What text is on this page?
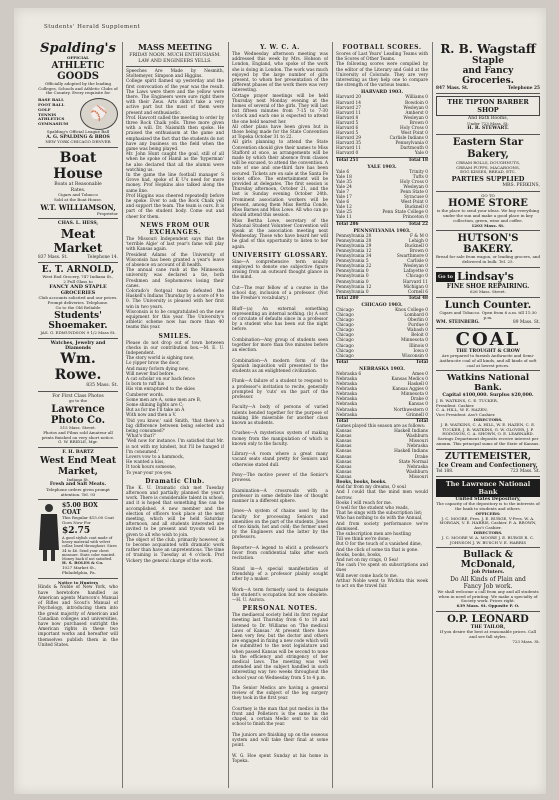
Students' Herald Supplement
Spalding's
OFFICIAL
ATHLETIC
GOODS
Officially adopted by the leading Colleges, Schools and Athletic Clubs of the Country. Every requisite for
BASE BALL
FOOT BALL
GOLF
TENNIS
ATHLETICS
GYMNASIUM
⚾
Spalding's Official League Ball
A. G. SPALDING & BROS
NEW YORK CHICAGO DENVER
Boat House
Boats at Reasonable
Rates.
Cigars and Tobacco
Sold at the Boat House.
W.T. WILLIAMSON,
Proprietor
CHAS. L. HESS,
Meat Market
837 Mass. St.	Telephone 14.
E. T. ARNOLD,
West End Grocery, 747 Indiana St.,
2 Full Glass to
FANCY AND STAPLE GROCERIES
Club accounts solicited and our prices. Prompt deliveries. Telephone.
Go to the Old Reliable
Students' Shoemaker.
JAS. G. EDMUNDSON 9 1/2 Mass St.
Watches, Jewelry and Diamonds
Wm. Rowe.
835 Mass. St.
For First Class Photos
go to the
Lawrence Photo Co.
515 Mass. Street.
Photos and Films sold Amateur all prints finished on very short notice.
G. W. BRIDLE, Mgr.
F. H. BARTZ
West End Meat Market,
Indiana St.
Fresh and Salt Meats.
Telephone orders given prompt attention. Tel. 93
$5.00 BOX COAT
This Regular $15.00 Coat Goes Now For
$2.75
A good stylish coat made of heavy material with velvet collar, lined throughout. Sizes 34 to 46. Send your chest measure. State color wanted. Money back if not satisfied.
H. S. BOLES & Co.
1027 Market St., Philadelphia, Pa.
Notice to Hunters
Hinds & Noble of New York, who have heretofore handled as American agents Marscon's Manual of Rifles and Scout's Manual of Psychology, introducing them into the great majority of American and Canadian colleges and universities, have now purchased outright the American rights in these two important works and hereafter will themselves publish them in the United States.
MASS MEETING
FRIDAY NOON. MUCH ENTHUSIASM.
LAW AND ENGINEERS YELLS.
Speeches Are Made by Nesmith, Stoltemeyer, Simpson and Higgins.
College spirit flamed up yesterday and the first convocation of the year was the result. The Laws were there and the yellow were there. The Engineers were sure right there with their Zeus. Arts didn't take a very active part but the most of them were present and enthusiastic.
Prof. Hawcott called the meeting to order by three Rock Chalk yells. Three more given with a will. Dr. Naismith then spoke. He praised the enthusiasm at the game and emphasized the fact that the students do not have any business on the field when the game was being played.
Mr. John Hunt caught the goal, still of all when he spoke of Hamil as the 'hyperman' he also declared that all the alumni were watching us.
In the game the line football manager S Grove had, spoke of K U's need for more money. Prof Hopkins also talked along the same line.
Prof Higgins was cheered repeatedly before he spoke. Ever to ask the Rock Chalk yell and support the team. The team is ours. It is part of the student body. Come out and cheer for them.
NEWS FROM OUR EXCHANGES.
The Missouri Independent says that the 'terrible Algie' of last year's fame will play with Kansas again.
President Adams of the University of Wisconsin has been granted a year's leave of absence on account of ill health.
The annual cane rush at the Minnesota university was declared a tie, both Freshmen and Sophomores losing their canes.
Colorado's footgoal team defeated the Haskell's Indians Thursday by a score of 9 to 0. The University is pleased with her first win in two years.
Wisconsin is to be congratulated on the new equipment for this year. The University's athletic scheme now has more than 40 teams this year.
SMILES.
Please do not drop out of town between checks in our contribution box.—M. E. U. Independent.
The story world is sighing now,
Lo yipper brow the door,
And many forlorn dying now,
Will never find before.
A cat scholar on our back fence
Is born to ruff his
His vim enraptured to the skies
Cumberer words.
Some men are A, some men are B,
Some shining lights are C;
But as for me I'll take an A
With now and then a V.
'Did you know,' said Smith, 'that there's a big difference between being selected and being consumed?'
'What's that?'
'Well now for instance. I'm satisfied that Mr. is not with my kindest, but I'll be hanged if I'm consumed.'
Lovers vow to a hammock,
He wanted a kiss,
It took hours someone,
To year-your you-yes.
Dramatic Club.
The K. U. Dramatic club met Tuesday afternoon and partially planned the year's work. There is considerable talent in school, and it is hoped that something fine can be accomplished. A new member and the election of officers took place at the next meeting, which will be held Saturday afternoon, and all students interested are invited to be present and tryouts will be given to all who wish to join.
The object of the club, primarily however, is to become acquainted with dramatic work rather than have an unpretentious. The time of training is Tuesday at 4 o'clock. Prof Vickery the general charge of the work.
Y. W. C. A.
The Wednesday afternoon meeting was addressed this week by Mrs. Hobson of London, England, who spoke of the work she is doing in London. The work was much enjoyed by the large number of girls present, to whom her presentation of the different phases of the work there was very interesting.
Cottage prayer meetings will be held Thursday next Monday evening at the homes of several of the girls. They will last but fifteen minutes from 7-15 to 7-30 o'clock and each one is expected to attend the one held nearest her.
All other plans have been given but in those being made for the State Convention at Topeka October 31 to 22.
All girls planning to attend the State Convention should give their names to Miss Stafford at once, as arrangements will be made by which their absence from classes will be excused, to attend the convention. A rate of one and one-third fare has been secured. Tickets are on sale at the Santa Fe ticket office. The entertainment will be provided at delegates. The first session is Thursday afternoon, October 21, and the last is Sunday evening October 24th. Prominent association workers will be present, among them Miss Bertha Condé, Miss Barnes and Miss Lowe. All who can go should attend this session.
Miss Bertha Lowe, secretary of the National Student Volunteer Convention will speak at the association meeting next Wednesday. Those who have heard her will be glad of this opportunity to listen to her again.
UNIVERSITY GLOSSARY.
Sine—A comprehensive term usually employed to denote one subjective figure arising from an outward thought glance in the mind.

Cut—The rear fellow of a course in the school day, inclusion of a professor. (Not the Freshie's vocabulary.)

Bluff—(a) An external something representing an internal nothing. (b) A sort of circulate of defaults since in a professor by a student who has been out the night before.

Combination—Any group of students seen together for more than five minutes before an election.

Combination—A modern form of the Spanish inquisition will presented to the students as an enlightened civilization.

Flunk—A failure of a student to respond to a professor's invitation to recite, generally prompted by 'cuts' on the part of the professor.

Faculty—A body of persons of varied talents bended together for the purpose of making life miserable for another class known as students.

Crushes—A mysterious system of making money from the manipulation of which is known only to the faculty.

Library—A room where a great many vacant seats stand pretty for Seniors and otherwise stated dull.

Pony—The motive power of the Senior's prowess.

Examination—A crossroads with a professor in some definite line of thought manner in a different sphere.

Jones—A system of chains used by the faculty for processing Seniors and amenities on the part of the students. Jones of two kinds, hot and cold; the former used by the Engineers and the latter by the professors.

Reporter—A legend to elicit a professor's favor from confidential talks after each recitation.

Stand in—A special manifestation of friendship of a professor plainly sought after by a maker.

Work—A term formerly used to designate the student's occupation but now obsolete.—H. U. Aurora.
PERSONAL NOTES.
The mediaeval society held its first regular meeting last Thursday from 6 to 10 and listened to Dr. Williams on 'The medical Laws of Kansas.' At present there have been very few, but the doctor and others are engaged in fixing a new code which will be submitted to the next legislature and when passed Kansas will be second to none in the efficiency and stringency of her medical laws. The meeting was well attended and the subject handled in such interesting way two weeks throughout the school year on Wednesday from 5 to 4 p.m.

The Senior Medics are having a general review of the subject of the leg surgery they took in the first year.

Courtney is the man that put medics in the front and Pelletiers is the same in the chapel, a certain Medic sent to his old school to finish the year.

The juniors are finishing up on the osseous system and will take their final at some point.

W. G. Hoe spent Sunday at his home in Topeka.
FOOTBALL SCORES.
Scores of Last Years' Leading Teams with the Scores of Other Teams.
The following scores were compiled by the editor of the Literary and Gold at the University of Colorado. They are very interesting as they help one to compare the strength of the various teams.
HARVARD 1903.
Harvard 20	Williams 0
Harvard 14	Bowdoin 0
Harvard 27	Wesleyan 0
Harvard 11	Amherst 0
Harvard 8	Wesleyan 0
Harvard 5	Brown 0
Harvard 6	Holy Cross 0
Harvard 5	West Point 0
Harvard 29	Carlisle Indians 0
Harvard 35	Pennsylvania 0
Harvard 11	Dartmouth 0
Harvard 0	Yale 0
Total 251	Total 18
YALE 1903.
Yale 6	Trinity 0
Yale 18	Tufts 0
Yale 35	Holy Cross 0
Yale 24	Wesleyan 0
Yale 7	Penn State 0
Yale 17	Syracuse 0
Yale 6	West Point 0
Yale 12	Bucknell 0
Yale 25	Penn State College 0
Yale 11	Princeton 0
Total 286	Total 22
PENNSYLVANIA 1903.
Pennsylvania 20	F & M 0
Pennsylvania 20	Lehigh 0
Pennsylvania 29	Bucknell 0
Pennsylvania 12	Brown 0
Pennsylvania 34	Swarthmore 0
Pennsylvania 5	Carlisle 0
Pennsylvania 22	Wesleyan 0
Pennsylvania 0	Lafayette 0
Pennsylvania 0	Chicago 0
Pennsylvania 0	Harvard 11
Pennsylvania 12	Michigan 0
Pennsylvania 0	Cornell 6
Total 280	Total 48
CHICAGO 1903.
Chicago	Knox College 0
Chicago	Lombard 0
Chicago	Oberlin 0
Chicago	Purdue 0
Chicago	Wabash 0
Chicago	Beloit 0
Chicago	Minnesota 0
Chicago	Illinois 0
Chicago	Iowa 0
Chicago	Wisconsin 0
Total	Total
NEBRASKA 1903.
Nebraska 6	Ames 0
Nebraska	Kansas Medics 0
Nebraska	Haskell 0
Nebraska	Kansas Aggies 0
Nebraska	Minnesota 0
Nebraska	Drake 0
Nebraska	Kansas 0
Nebraska	Northwestern 0
Nebraska	Grinnell 0
Total	Total
Games played this season are as follows:
Kansas	Haskell Indians
Kansas	Washburn
Kansas	Missouri
Kansas	Nebraska
Kansas	Haskell Indians
Kansas	Drake
Kansas	State Normal
Kansas	Nebraska
Kansas	Washburn
Kansas	Missouri
Books, books, books.
And far from my dreams, O soul
And I could that the mind men would borrow.
Books I will reach for me.
O well for the student who reads,
That he sings with the subscription list;
Who has nothing to do with the Annual,
And from society performance we're dismissed.
The subscription men are hustling
Till we think we're done;
But O for the touch of a vanished dime,
And the click of some tin that is gone.
Books, books, books,
And not on my crags, O Sea!
The cash I've spent on subscriptions and dues
Will never come back to me.
Arthur Noble went to Wichita this week to act on the travel fair.
R. B. Wagstaff
Staple
and Fancy
Groceries.
847 Mass. St.	Telephone 25
THE TIPTON BARBER SHOP
And Bath Rooms,
Under 723 Mass. St.
H. R. STEWART.
Eastern Star Bakery,
CREAM ROLLS, DOUGHNUTS,
CREAM PUFFS, MACAROONS,
EGG KISSES, BREAD, ETC.
PARTIES SUPPLIED
MRS. PERKINS,
GO TO
HOME STORE
is the place to send your ideas. We buy everything under the sun and make a good place in key collection, green, wine and coffee.
1203 Mass. St.
HUTSON'S
BAKERY.
Bread for sale from wagon, or leading grocers, and delivered in bulk. Tel. 25.
Go to Lindsay's
FINE SHOE REPAIRING.
626 Mass. Street.
Lunch Counter.
Cigars and Tobacco. Open from 6 a.m. till 11:30 p.m.
WM. STEINBERG.	89 Mass. St.
COAL
THE TROUGHT & CROW
Are prepared to furnish Anthracite and Semi-Anthracite coal of all kinds, and all kinds of soft coal at lowest prices.
Watkins National Bank.
Capital $100,000. Surplus $20,000.
J. B. WATKINS, C. E. TUCKER,
President. Cashier.
C. A. HILL, W. E. HAZEN,
Vice President. Ass't Cashier.
DIRECTORS.
J. B. WATKINS, C. A. HILL, W. E. HAZEN, C. E. TUCKER, J. B. WATKINS, G. W. GLOVER, J. P. HODGSON, C. A. SHOWN, O. E. LEARNARD.
Savings Department deposits receive interest per annum. This principal sums of the State of Kansas.
ZUTTEMEISTER,
Ice Cream and Confectionery,
Tel 188.	723 Mass. St.
The Lawrence National Bank
United States Depository,
The capacity of the depository is to the interests of the bank to students and others.
OFFICERS:
J. C. MOORE, Pres. J. E. BURGE, V-Pres. W. A. MORGAN, V. E. HARRIS, Cashier. P. A. BROWN, Ass't Cashier.
DIRECTORS.
J. C. MOORE W. A. MOORE J. E. BURGE R. C. JOHNSON J. W. BUSCH V. E. HARRIS
Bullack & McDonald,
Job Printers.
Do All Kinds of Plain and
Fancy Job work.
We shall welcome a call from any and all students when in need of printing. We make a specialty of Society work. Prices right.
639 Mass. St. Opposite P. O.
O.P. LEONARD
THE TAILOR,
If you desire the best at reasonable prices. Call and see fall styles.
723 Mass. St.
